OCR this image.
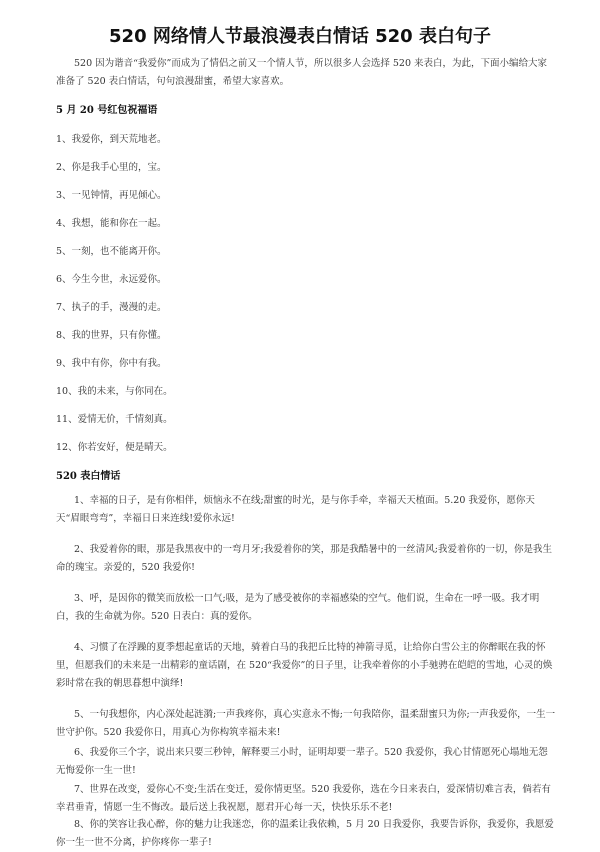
520 网络情人节最浪漫表白情话 520 表白句子

520 因为谐音“我爱你”而成为了情侣之前又一个情人节，所以很多人会选择 520 来表白，为此，下面小编给大家准备了 520 表白情话，句句浪漫甜蜜，希望大家喜欢。

5 月 20 号红包祝福语
1、我爱你，到天荒地老。
2、你是我手心里的，宝。
3、一见钟情，再见倾心。
4、我想，能和你在一起。
5、一刻，也不能离开你。
6、今生今世，永远爱你。
7、执子的手，漫漫的走。
8、我的世界，只有你懂。
9、我中有你，你中有我。
10、我的未来，与你同在。
11、爱情无价，千情刻真。
12、你若安好，便是晴天。
520 表白情话

1、幸福的日子，是有你相伴，烦恼永不在线;甜蜜的时光，是与你手牵，幸福天天植面。5.20 我爱你，愿你天天“眉眼弯弯”，幸福日日来连线!爱你永远!

2、我爱着你的眼，那是我黑夜中的一弯月牙;我爱着你的笑，那是我酷暑中的一丝清风;我爱着你的一切，你是我生命的瑰宝。亲爱的，520 我爱你!

3、呼，是因你的微笑而放松一口气;吸，是为了感受被你的幸福感染的空气。他们说，生命在一呼一吸。我才明白，我的生命就为你。520 日表白：真的爱你。

4、习惯了在浮躁的夏季想起童话的天地，骑着白马的我把丘比特的神箭寻觅，让给你白雪公主的你醉眠在我的怀里，但愿我们的未来是一出精彩的童话剧，在 520“我爱你”的日子里，让我牵着你的小手驰骋在皑皑的雪地，心灵的焕彩时常在我的朝思暮想中演绎!

5、一句我想你，内心深处起涟漪;一声我疼你，真心实意永不悔;一句我陪你，温柔甜蜜只为你;一声我爱你，一生一世守护你。520 我爱你日，用真心为你构筑幸福未来!

6、我爱你三个字，说出来只要三秒钟，解释要三小时，证明却要一辈子。520 我爱你，我心甘情愿死心塌地无怨无悔爱你一生一世!

7、世界在改变，爱你心不变;生活在变迁，爱你情更坚。520 我爱你，选在今日来表白，爱深情切难言表，倘若有幸君垂青，情愿一生不悔改。最后送上我祝愿，愿君开心每一天，快快乐乐不老!

8、你的笑容让我心醉，你的魅力让我迷恋，你的温柔让我依赖，5 月 20 日我爱你，我要告诉你，我爱你，我愿爱你一生一世不分离，护你疼你一辈子!
